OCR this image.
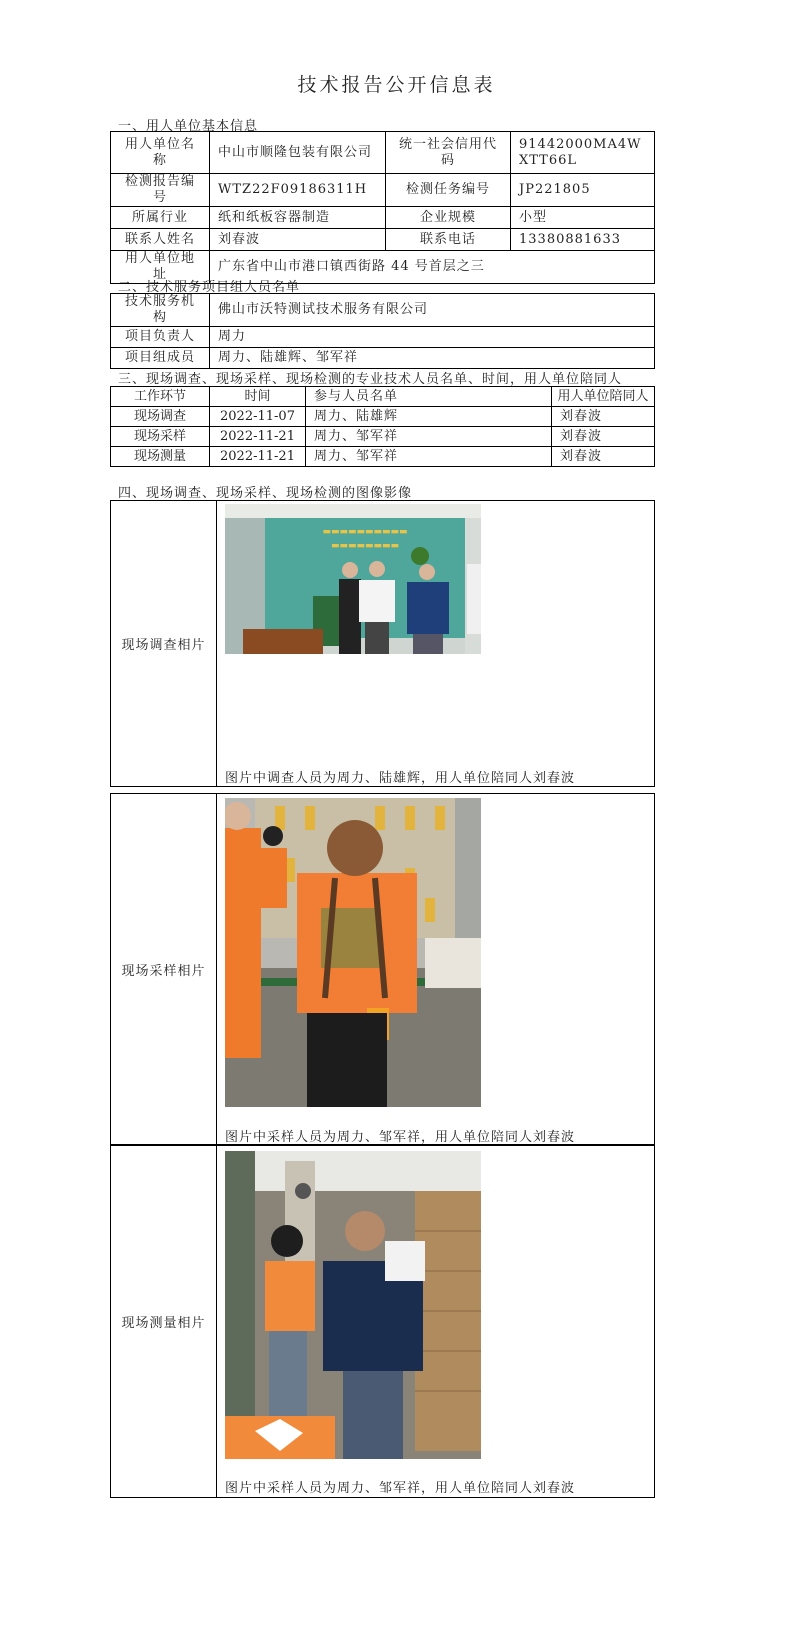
技术报告公开信息表
一、用人单位基本信息
用人单位名称	中山市顺隆包装有限公司	统一社会信用代码	91442000MA4WXTT66L
检测报告编号	WTZ22F09186311H	检测任务编号	JP221805
所属行业	纸和纸板容器制造	企业规模	小型
联系人姓名	刘春波	联系电话	13380881633
用人单位地址	广东省中山市港口镇西街路 44 号首层之三		
二、技术服务项目组人员名单
技术服务机构	佛山市沃特测试技术服务有限公司
项目负责人	周力
项目组成员	周力、陆雄辉、邹军祥
三、现场调查、现场采样、现场检测的专业技术人员名单、时间，用人单位陪同人
工作环节	时间	参与人员名单	用人单位陪同人
现场调查	2022-11-07	周力、陆雄辉	刘春波
现场采样	2022-11-21	周力、邹军祥	刘春波
现场测量	2022-11-21	周力、邹军祥	刘春波
四、现场调查、现场采样、现场检测的图像影像
现场调查相片
▬▬▬▬▬▬▬▬▬▬
▬▬▬▬▬▬▬▬
图片中调查人员为周力、陆雄辉，用人单位陪同人刘春波
现场采样相片
图片中采样人员为周力、邹军祥，用人单位陪同人刘春波
现场测量相片
图片中采样人员为周力、邹军祥，用人单位陪同人刘春波
